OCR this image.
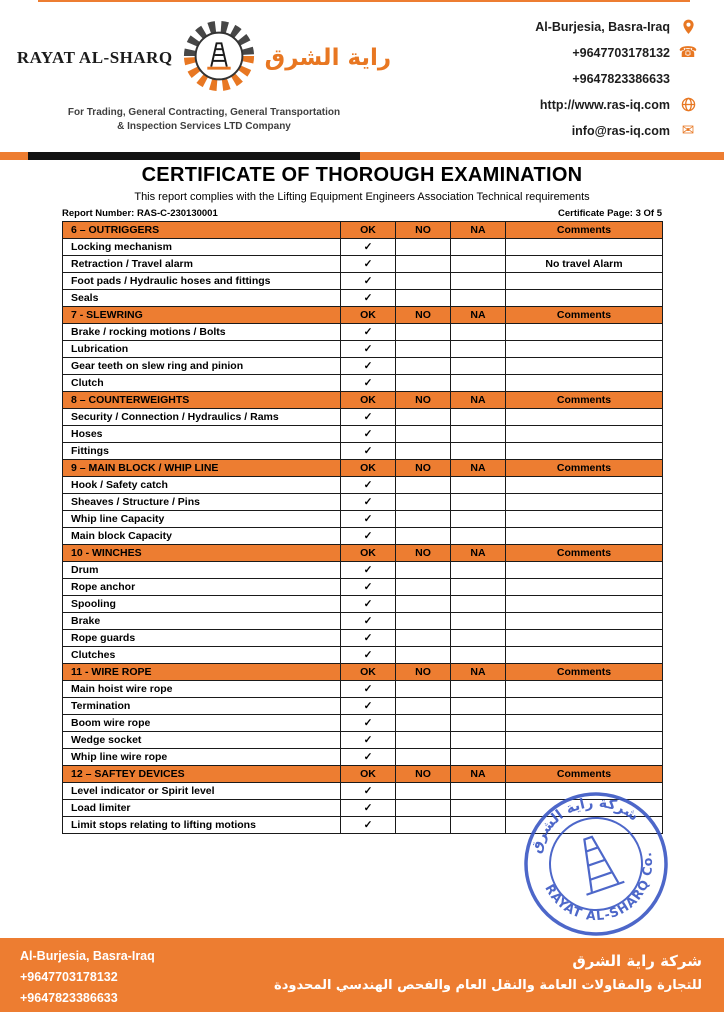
RAYAT AL-SHARQ	راية الشرق
For Trading, General Contracting, General Transportation
& Inspection Services LTD Company
Al-Burjesia, Basra-Iraq
+9647703178132 ☎
+9647823386633
http://www.ras-iq.com
info@ras-iq.com ✉
CERTIFICATE OF THOROUGH EXAMINATION
This report complies with the Lifting Equipment Engineers Association Technical requirements
Report Number: RAS-C-230130001	Certificate Page: 3 Of 5
6 – OUTRIGGERS	OK	NO	NA	Comments
Locking mechanism	✓			
Retraction / Travel alarm	✓			No travel Alarm
Foot pads / Hydraulic hoses and fittings	✓			
Seals	✓			
7 - SLEWRING	OK	NO	NA	Comments
Brake / rocking motions / Bolts	✓			
Lubrication	✓			
Gear teeth on slew ring and pinion	✓			
Clutch	✓			
8 – COUNTERWEIGHTS	OK	NO	NA	Comments
Security / Connection / Hydraulics / Rams	✓			
Hoses	✓			
Fittings	✓			
9 – MAIN BLOCK / WHIP LINE	OK	NO	NA	Comments
Hook / Safety catch	✓			
Sheaves / Structure / Pins	✓			
Whip line Capacity	✓			
Main block Capacity	✓			
10 - WINCHES	OK	NO	NA	Comments
Drum	✓			
Rope anchor	✓			
Spooling	✓			
Brake	✓			
Rope guards	✓			
Clutches	✓			
11 - WIRE ROPE	OK	NO	NA	Comments
Main hoist wire rope	✓			
Termination	✓			
Boom wire rope	✓			
Wedge socket	✓			
Whip line wire rope	✓			
12 – SAFTEY DEVICES	OK	NO	NA	Comments
Level indicator or Spirit level	✓			
Load limiter	✓			
Limit stops relating to lifting motions	✓			
شركة راية الشرق
RAYAT AL-SHARQ Co.
Al-Burjesia, Basra-Iraq
+9647703178132
+9647823386633
شركة راية الشرق
للتجارة والمقاولات العامة والنقل العام والفحص الهندسي المحدودة
